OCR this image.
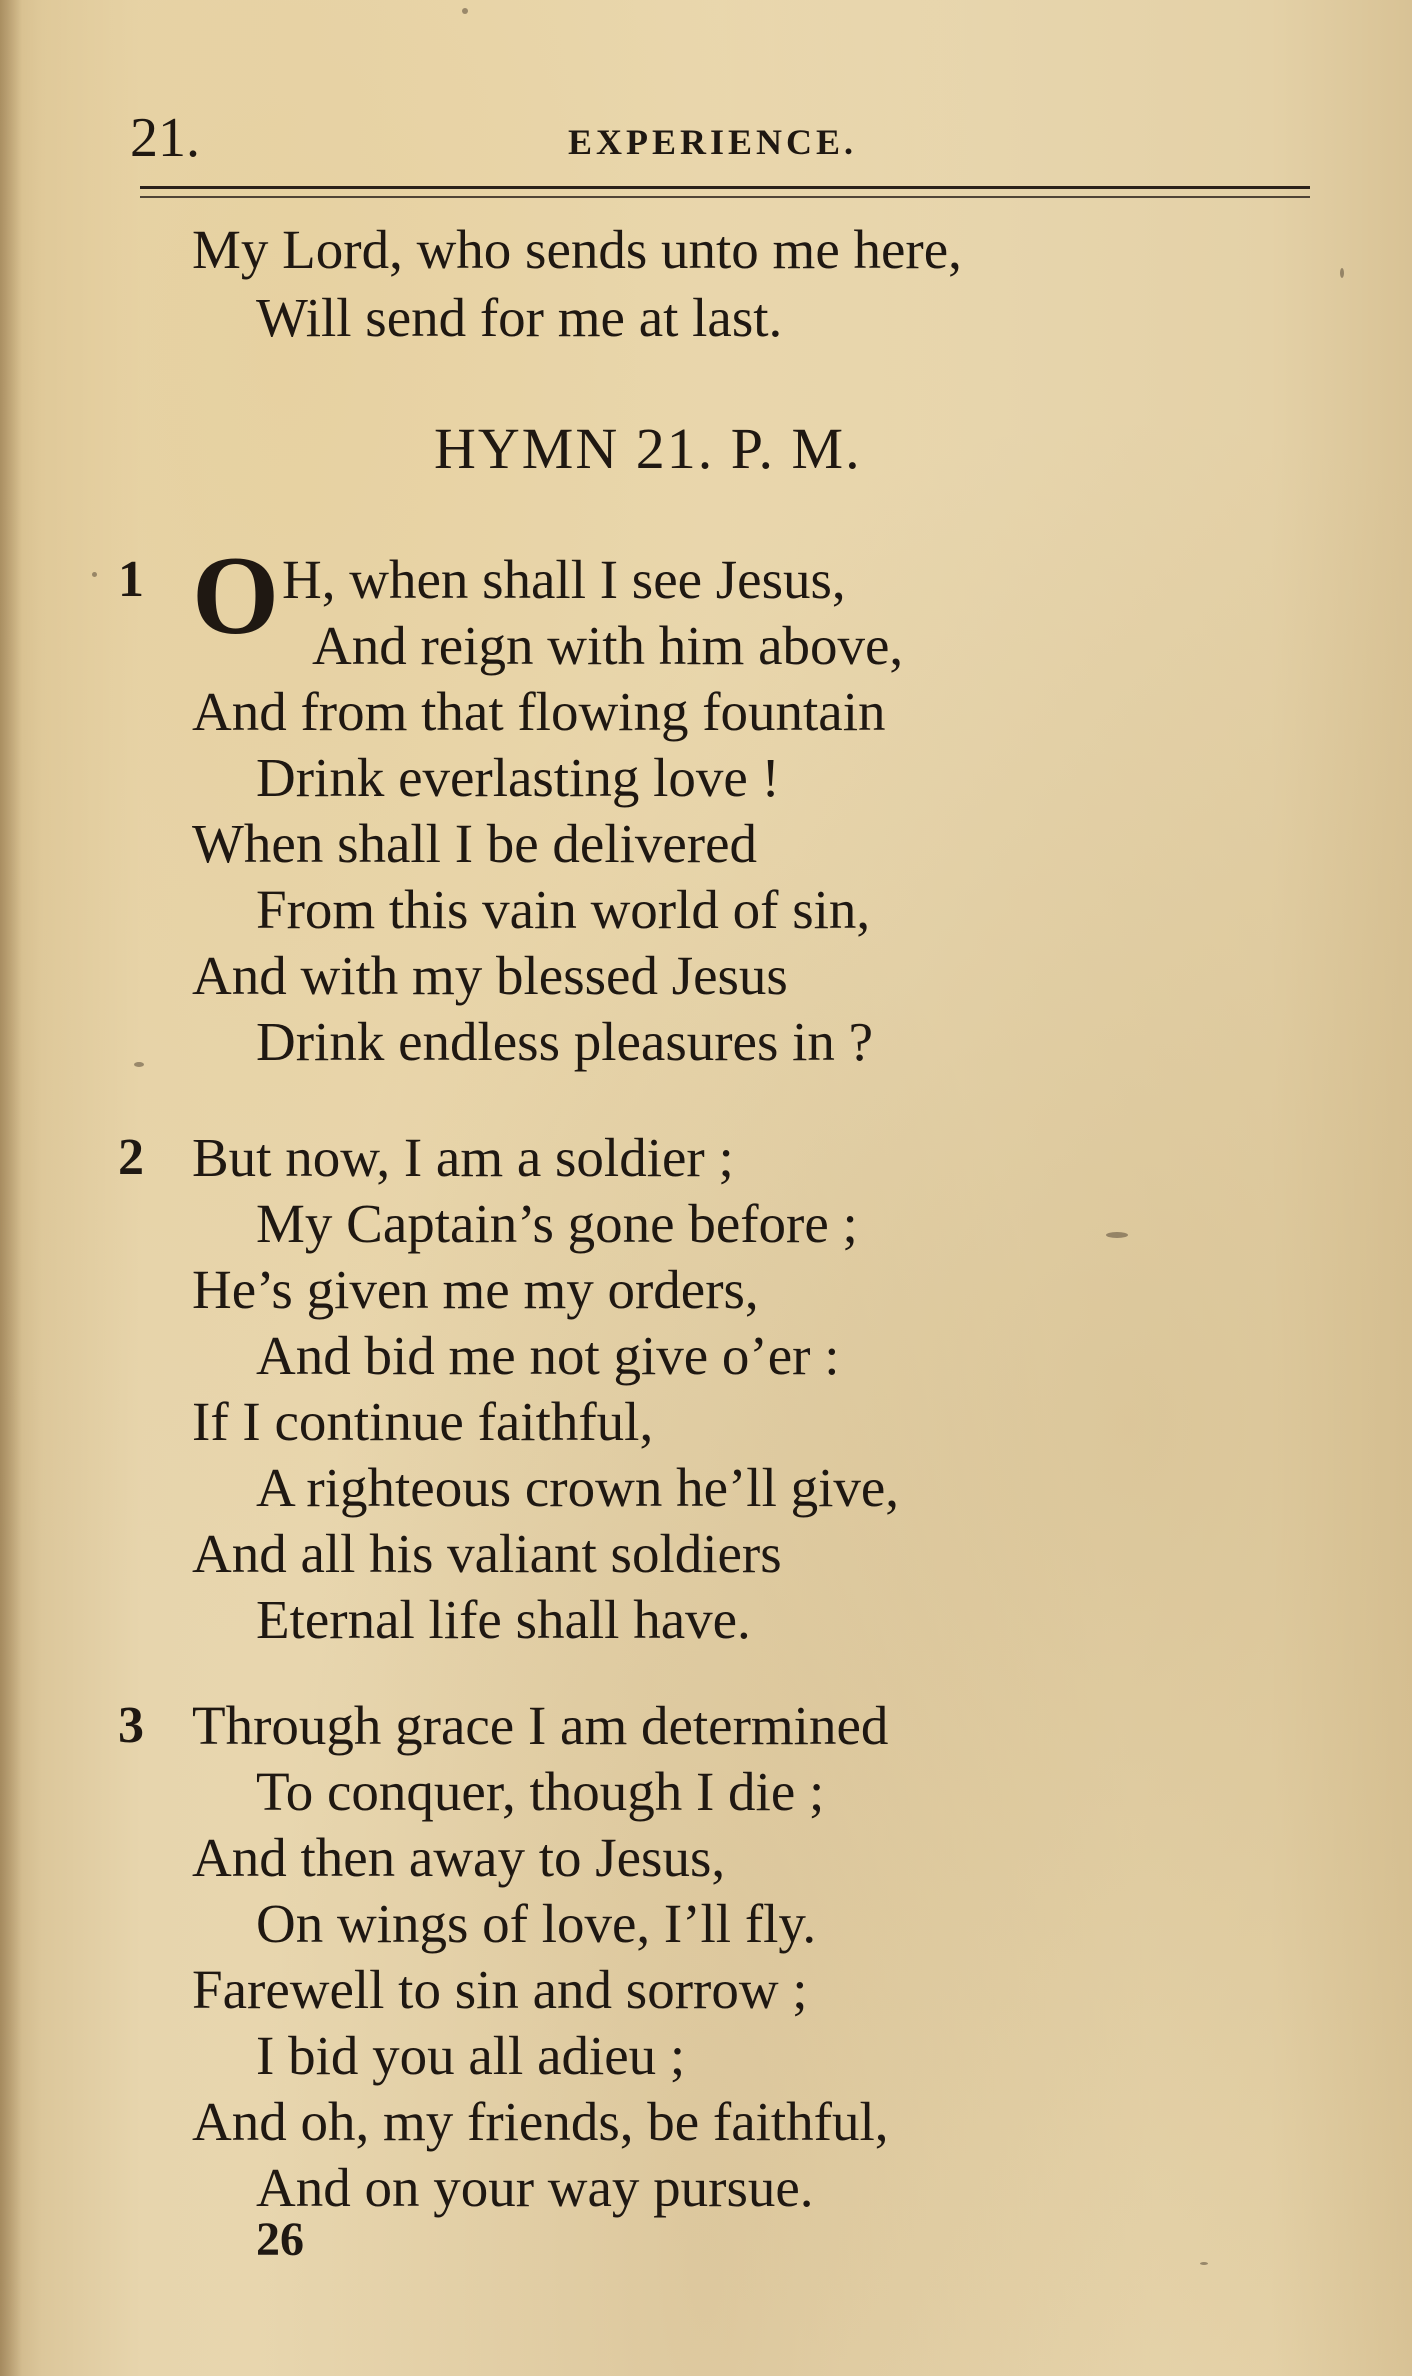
21.	EXPERIENCE.
My Lord, who sends unto me here,
Will send for me at last.
HYMN 21. P. M.
1 O H, when shall I see Jesus,
And reign with him above,
And from that flowing fountain
Drink everlasting love !
When shall I be delivered
From this vain world of sin,
And with my blessed Jesus
Drink endless pleasures in ?
2 But now, I am a soldier ;
My Captain’s gone before ;
He’s given me my orders,
And bid me not give o’er :
If I continue faithful,
A righteous crown he’ll give,
And all his valiant soldiers
Eternal life shall have.
3 Through grace I am determined
To conquer, though I die ;
And then away to Jesus,
On wings of love, I’ll fly.
Farewell to sin and sorrow ;
I bid you all adieu ;
And oh, my friends, be faithful,
And on your way pursue.
26
